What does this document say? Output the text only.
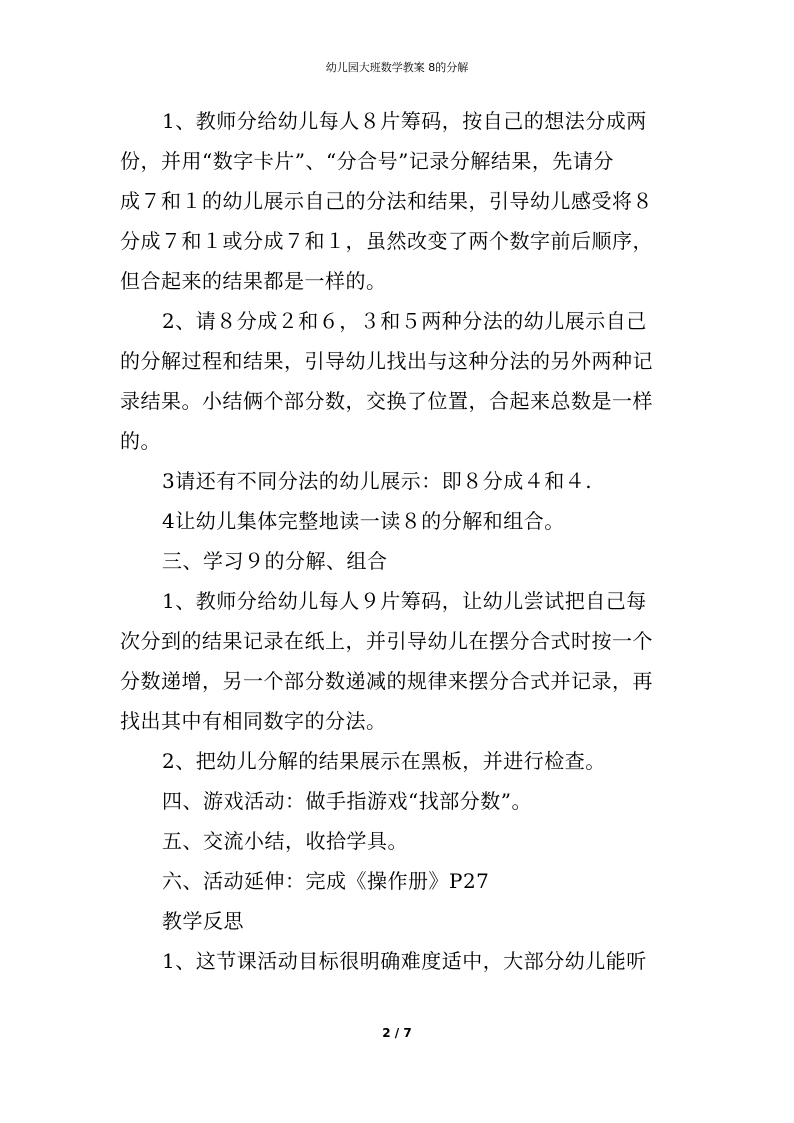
幼儿园大班数学教案 8的分解
1、教师分给幼儿每人８片筹码，按自己的想法分成两
份，并用“数字卡片”、“分合号”记录分解结果，先请分
成７和１的幼儿展示自己的分法和结果，引导幼儿感受将８
分成７和１或分成７和１，虽然改变了两个数字前后顺序，
但合起来的结果都是一样的。
2、请８分成２和６，３和５两种分法的幼儿展示自己
的分解过程和结果，引导幼儿找出与这种分法的另外两种记
录结果。小结俩个部分数，交换了位置，合起来总数是一样
的。
3请还有不同分法的幼儿展示：即８分成４和４.
4让幼儿集体完整地读一读８的分解和组合。
三、学习９的分解、组合
1、教师分给幼儿每人９片筹码，让幼儿尝试把自己每
次分到的结果记录在纸上，并引导幼儿在摆分合式时按一个
分数递增，另一个部分数递减的规律来摆分合式并记录，再
找出其中有相同数字的分法。
2、把幼儿分解的结果展示在黑板，并进行检查。
四、游戏活动：做手指游戏“找部分数”。
五、交流小结，收拾学具。
六、活动延伸：完成《操作册》P27
教学反思
1、这节课活动目标很明确难度适中，大部分幼儿能听
2 / 7
